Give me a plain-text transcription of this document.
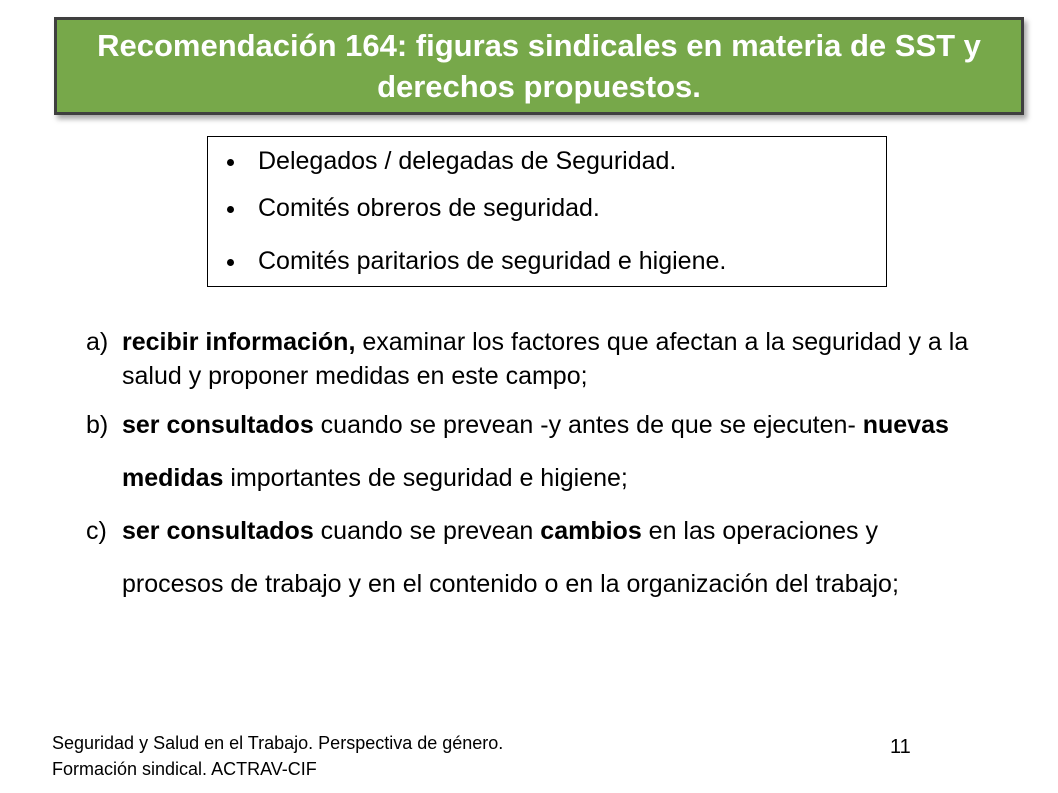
Recomendación 164: figuras sindicales en materia de SST y derechos propuestos.
Delegados / delegadas de Seguridad.
Comités obreros de seguridad.
Comités paritarios de seguridad e higiene.
a) recibir información, examinar los factores que afectan a la seguridad y a la salud y proponer medidas en este campo;
b) ser consultados cuando se prevean -y antes de que se ejecuten- nuevas medidas importantes de seguridad e higiene;
c) ser consultados cuando se prevean cambios en las operaciones y procesos de trabajo y en el contenido o en la organización del trabajo;
Seguridad y Salud en el Trabajo. Perspectiva de género.
Formación sindical. ACTRAV-CIF
11
